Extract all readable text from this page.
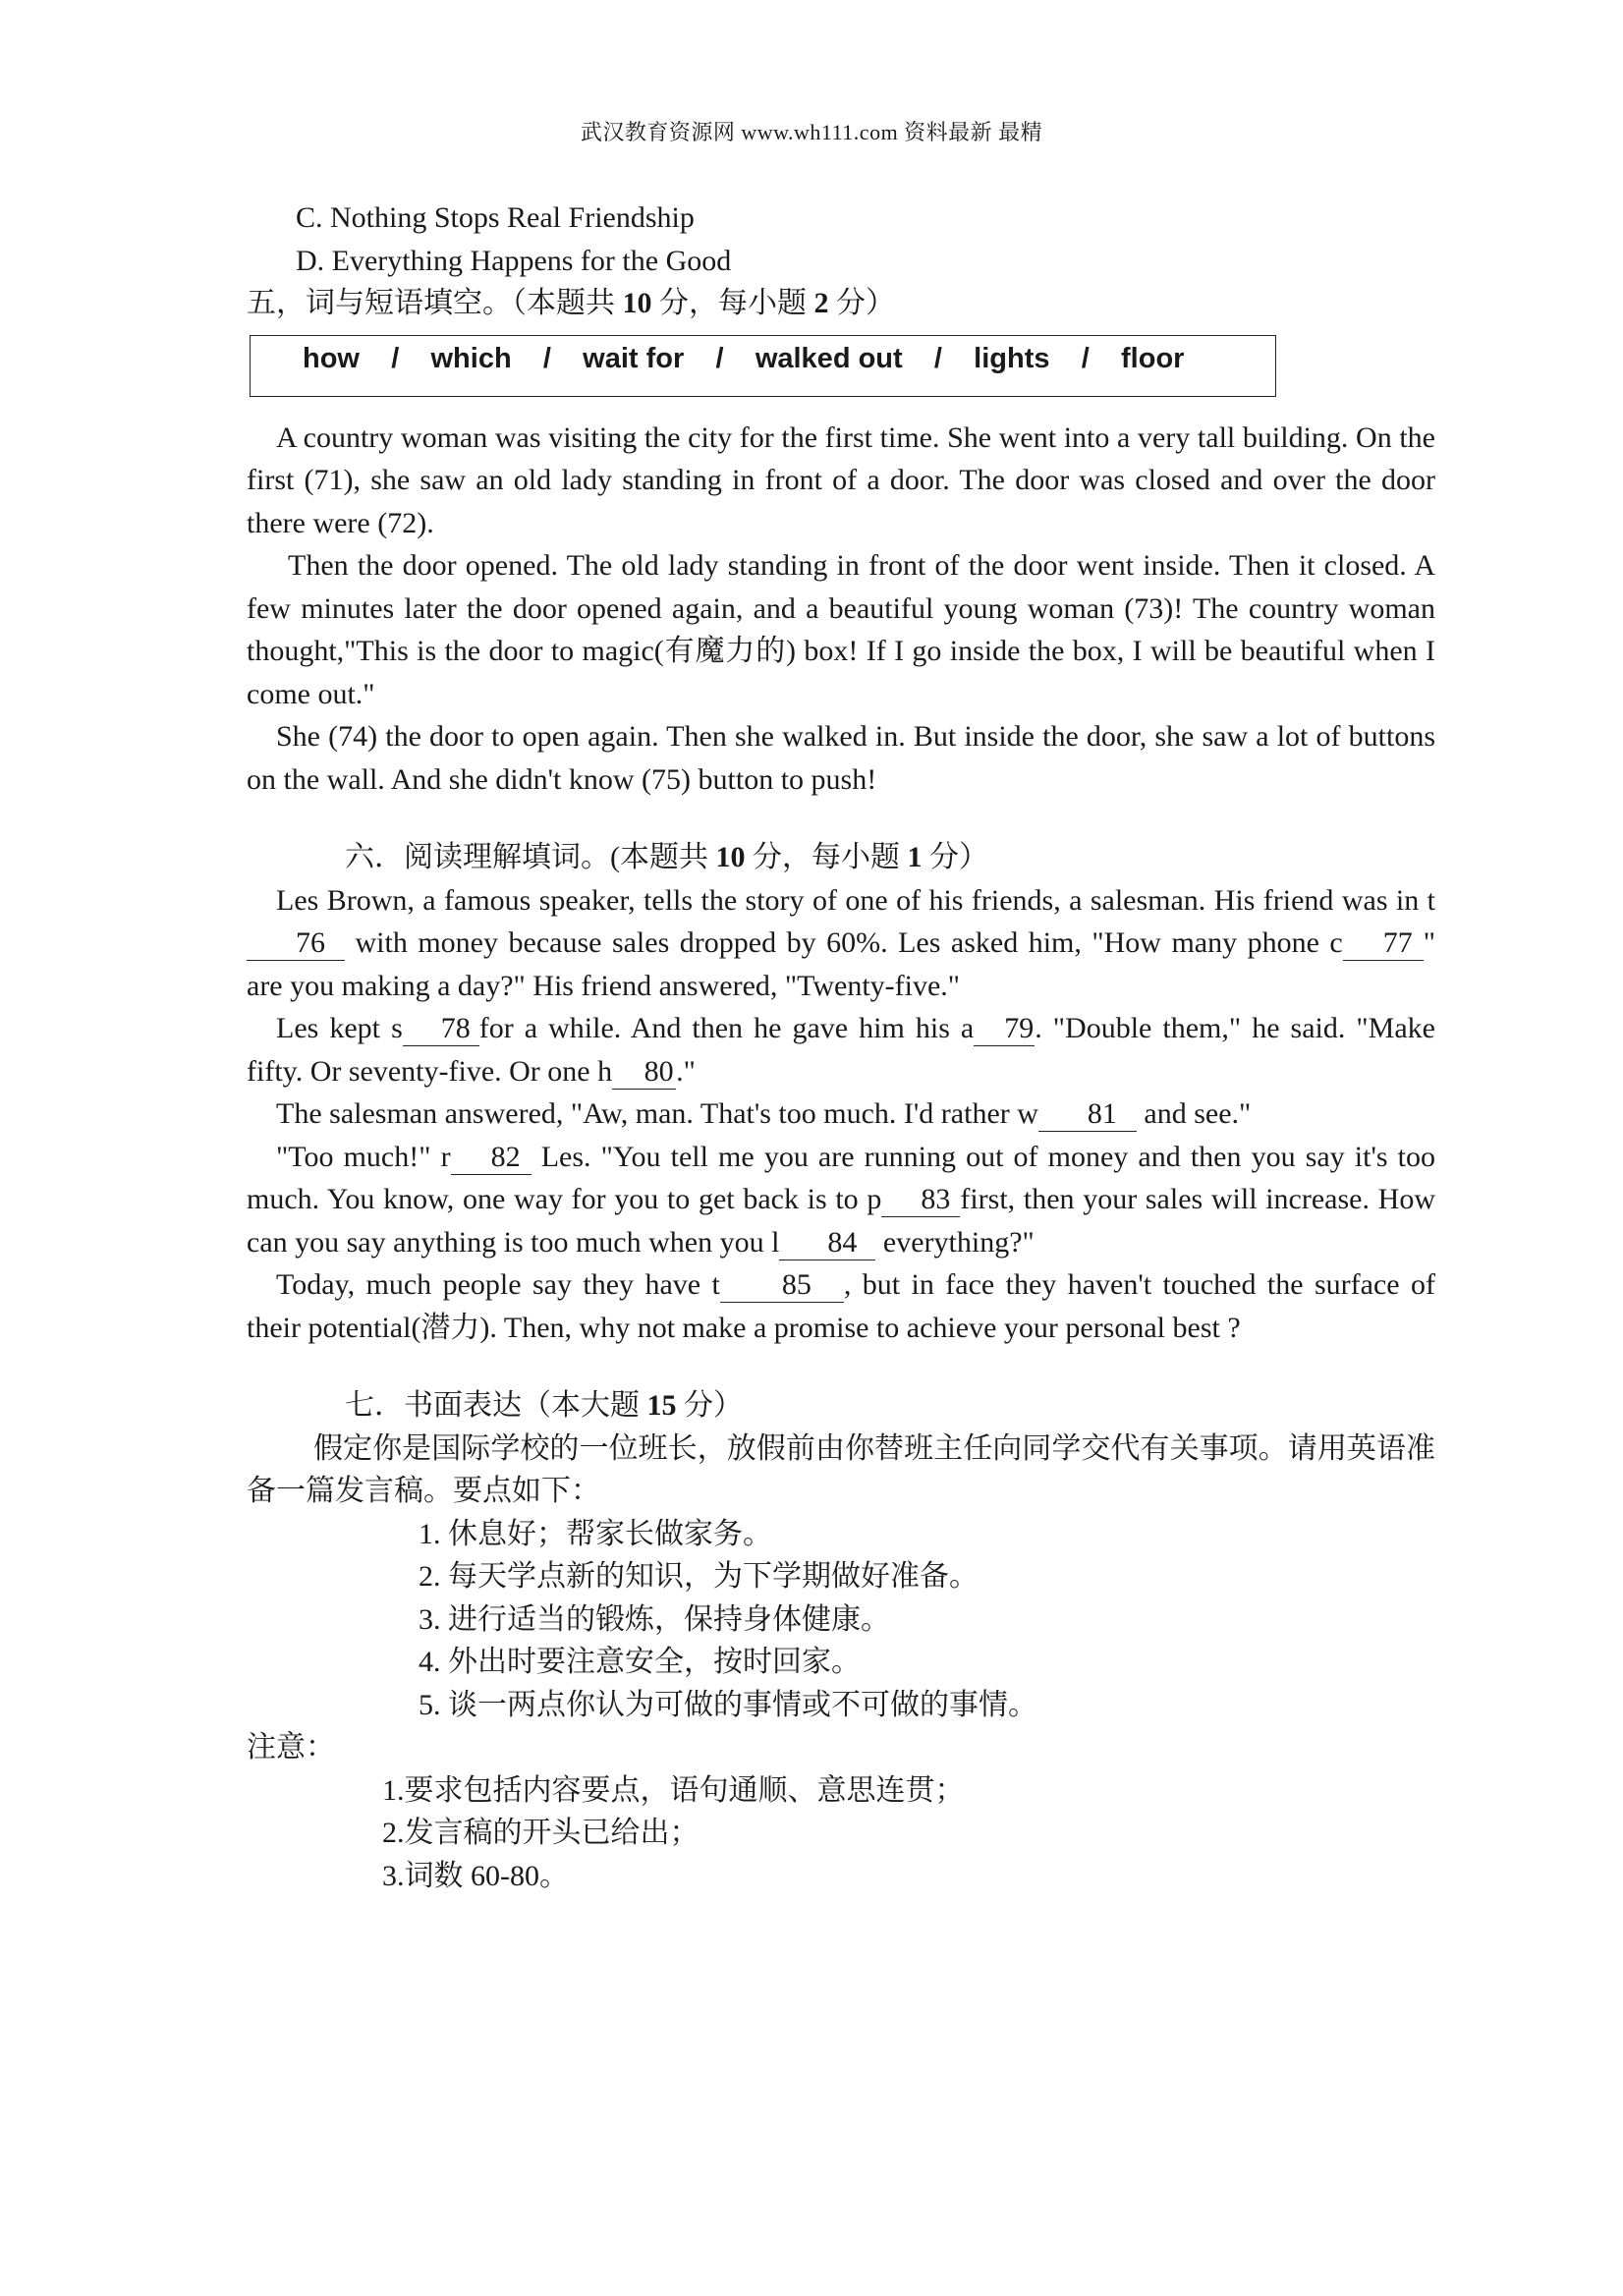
武汉教育资源网 www.wh111.com 资料最新 最精
C. Nothing Stops Real Friendship
D. Everything Happens for the Good
五，词与短语填空。（本题共 10 分，每小题 2 分）
how    /    which    /    wait for    /    walked out    /    lights    /    floor
A country woman was visiting the city for the first time. She went into a very tall building. On the first (71), she saw an old lady standing in front of a door. The door was closed and over the door there were (72).
Then the door opened. The old lady standing in front of the door went inside. Then it closed. A few minutes later the door opened again, and a beautiful young woman (73)! The country woman thought,"This is the door to magic(有魔力的) box! If I go inside the box, I will be beautiful when I come out."
She (74) the door to open again. Then she walked in. But inside the door, she saw a lot of buttons on the wall. And she didn't know (75) button to push!
六．阅读理解填词。(本题共 10 分，每小题 1 分）
Les Brown, a famous speaker, tells the story of one of his friends, a salesman. His friend was in t76 with money because sales dropped by 60%. Les asked him, "How many phone c 77 " are you making a day?" His friend answered, "Twenty-five."
Les kept s 78 for a while. And then he gave him his a 79. "Double them," he said. "Make fifty. Or seventy-five. Or one h 80."
The salesman answered, "Aw, man. That's too much. I'd rather w 81 and see."
"Too much!" r 82 Les. "You tell me you are running out of money and then you say it's too much. You know, one way for you to get back is to p 83 first, then your sales will increase. How can you say anything is too much when you l 84 everything?"
Today, much people say they have t 85 , but in face they haven't touched the surface of their potential(潜力). Then, why not make a promise to achieve your personal best ?
七．书面表达（本大题 15 分）
假定你是国际学校的一位班长，放假前由你替班主任向同学交代有关事项。请用英语准备一篇发言稿。要点如下：
1. 休息好；帮家长做家务。
2. 每天学点新的知识，为下学期做好准备。
3. 进行适当的锻炼，保持身体健康。
4. 外出时要注意安全，按时回家。
5. 谈一两点你认为可做的事情或不可做的事情。
注意：
1.要求包括内容要点，语句通顺、意思连贯；
2.发言稿的开头已给出；
3.词数 60-80。
